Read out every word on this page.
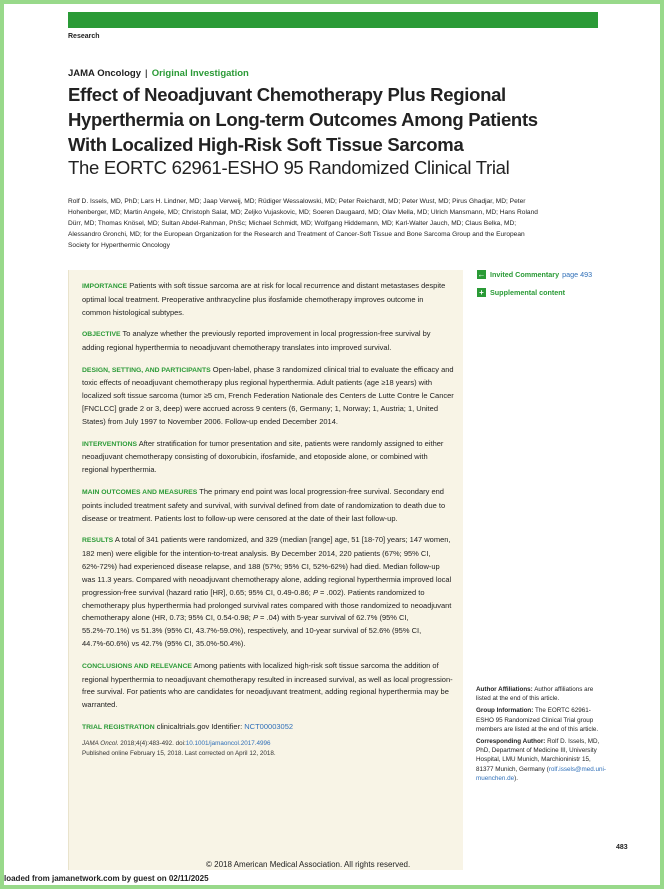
Research
JAMA Oncology | Original Investigation
Effect of Neoadjuvant Chemotherapy Plus Regional Hyperthermia on Long-term Outcomes Among Patients With Localized High-Risk Soft Tissue Sarcoma
The EORTC 62961-ESHO 95 Randomized Clinical Trial
Rolf D. Issels, MD, PhD; Lars H. Lindner, MD; Jaap Verweij, MD; Rüdiger Wessalowski, MD; Peter Reichardt, MD; Peter Wust, MD; Pirus Ghadjar, MD; Peter Hohenberger, MD; Martin Angele, MD; Christoph Salat, MD; Zeljko Vujaskovic, MD; Soeren Daugaard, MD; Olav Mella, MD; Ulrich Mansmann, MD; Hans Roland Dürr, MD; Thomas Knösel, MD; Sultan Abdel-Rahman, PhSc; Michael Schmidt, MD; Wolfgang Hiddemann, MD; Karl-Walter Jauch, MD; Claus Belka, MD; Alessandro Gronchi, MD; for the European Organization for the Research and Treatment of Cancer-Soft Tissue and Bone Sarcoma Group and the European Society for Hyperthermic Oncology

IMPORTANCE Patients with soft tissue sarcoma are at risk for local recurrence and distant metastases despite optimal local treatment. Preoperative anthracycline plus ifosfamide chemotherapy improves outcome in common histological subtypes.

OBJECTIVE To analyze whether the previously reported improvement in local progression-free survival by adding regional hyperthermia to neoadjuvant chemotherapy translates into improved survival.

DESIGN, SETTING, AND PARTICIPANTS Open-label, phase 3 randomized clinical trial to evaluate the efficacy and toxic effects of neoadjuvant chemotherapy plus regional hyperthermia. Adult patients (age ≥18 years) with localized soft tissue sarcoma (tumor ≥5 cm, French Federation Nationale des Centers de Lutte Contre le Cancer [FNCLCC] grade 2 or 3, deep) were accrued across 9 centers (6, Germany; 1, Norway; 1, Austria; 1, United States) from July 1997 to November 2006. Follow-up ended December 2014.

INTERVENTIONS After stratification for tumor presentation and site, patients were randomly assigned to either neoadjuvant chemotherapy consisting of doxorubicin, ifosfamide, and etoposide alone, or combined with regional hyperthermia.

MAIN OUTCOMES AND MEASURES The primary end point was local progression-free survival. Secondary end points included treatment safety and survival, with survival defined from date of randomization to death due to disease or treatment. Patients lost to follow-up were censored at the date of their last follow-up.

RESULTS A total of 341 patients were randomized, and 329 (median [range] age, 51 [18-70] years; 147 women, 182 men) were eligible for the intention-to-treat analysis. By December 2014, 220 patients (67%; 95% CI, 62%-72%) had experienced disease relapse, and 188 (57%; 95% CI, 52%-62%) had died. Median follow-up was 11.3 years. Compared with neoadjuvant chemotherapy alone, adding regional hyperthermia improved local progression-free survival (hazard ratio [HR], 0.65; 95% CI, 0.49-0.86; P = .002). Patients randomized to chemotherapy plus hyperthermia had prolonged survival rates compared with those randomized to neoadjuvant chemotherapy alone (HR, 0.73; 95% CI, 0.54-0.98; P = .04) with 5-year survival of 62.7% (95% CI, 55.2%-70.1%) vs 51.3% (95% CI, 43.7%-59.0%), respectively, and 10-year survival of 52.6% (95% CI, 44.7%-60.6%) vs 42.7% (95% CI, 35.0%-50.4%).

CONCLUSIONS AND RELEVANCE Among patients with localized high-risk soft tissue sarcoma the addition of regional hyperthermia to neoadjuvant chemotherapy resulted in increased survival, as well as local progression-free survival. For patients who are candidates for neoadjuvant treatment, adding regional hyperthermia may be warranted.

TRIAL REGISTRATION clinicaltrials.gov Identifier: NCT00003052

JAMA Oncol. 2018;4(4):483-492. doi:10.1001/jamaoncol.2017.4996
Published online February 15, 2018. Last corrected on April 12, 2018.
← Invited Commentary page 493
+ Supplemental content

Author Affiliations: Author affiliations are listed at the end of this article.

Group Information: The EORTC 62961-ESHO 95 Randomized Clinical Trial group members are listed at the end of this article.

Corresponding Author: Rolf D. Issels, MD, PhD, Department of Medicine III, University Hospital, LMU Munich, Marchioninistr 15, 81377 Munich, Germany (rolf.issels@med.uni-muenchen.de).

483
© 2018 American Medical Association. All rights reserved.
loaded from jamanetwork.com by guest on 02/11/2025
